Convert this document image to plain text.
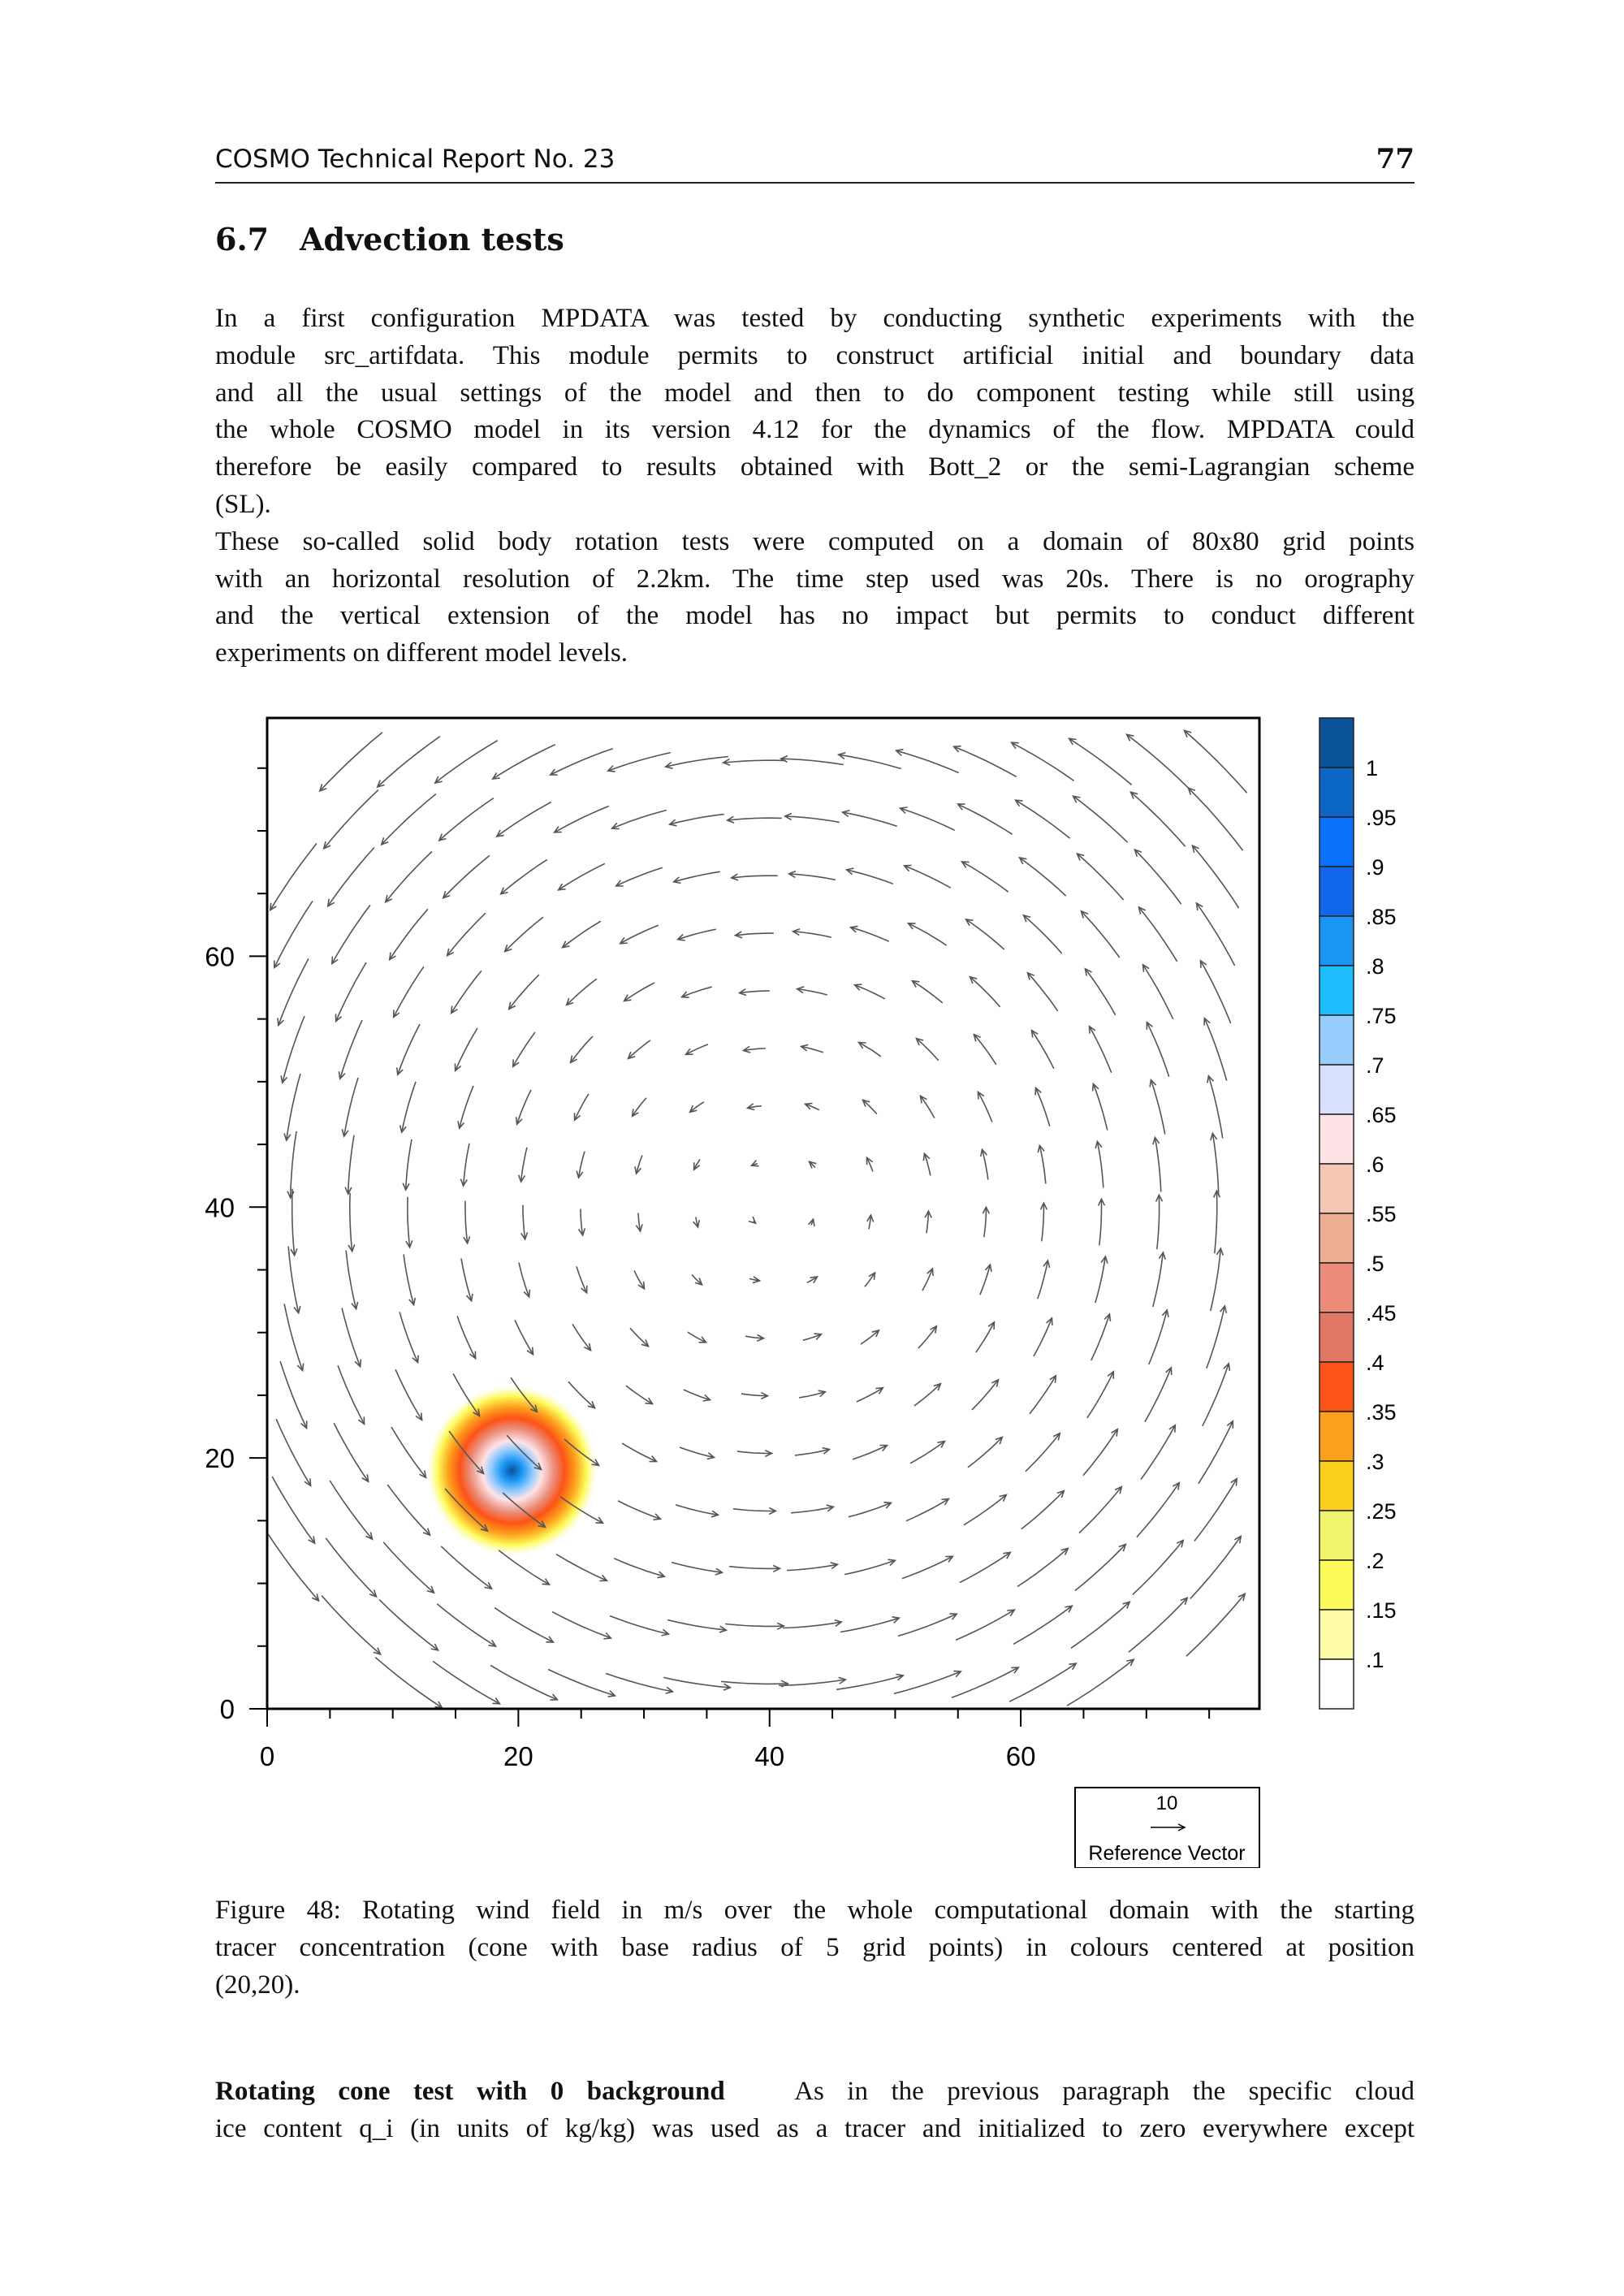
COSMO Technical Report No. 23	77
6.7 Advection tests
In a first configuration MPDATA was tested by conducting synthetic experiments with the
module src_artifdata. This module permits to construct artificial initial and boundary data
and all the usual settings of the model and then to do component testing while still using
the whole COSMO model in its version 4.12 for the dynamics of the flow. MPDATA could
therefore be easily compared to results obtained with Bott_2 or the semi-Lagrangian scheme
(SL).
These so-called solid body rotation tests were computed on a domain of 80x80 grid points
with an horizontal resolution of 2.2km. The time step used was 20s. There is no orography
and the vertical extension of the model has no impact but permits to conduct different
experiments on different model levels.
0	20	40	60
0
20
40
60
1
.95
.9
.85
.8
.75
.7
.65
.6
.55
.5
.45
.4
.35
.3
.25
.2
.15
.1
10
Reference Vector
Figure 48: Rotating wind field in m/s over the whole computational domain with the starting
tracer concentration (cone with base radius of 5 grid points) in colours centered at position
(20,20).
Rotating cone test with 0 background	As in the previous paragraph the specific cloud
ice content q_i (in units of kg/kg) was used as a tracer and initialized to zero everywhere except
